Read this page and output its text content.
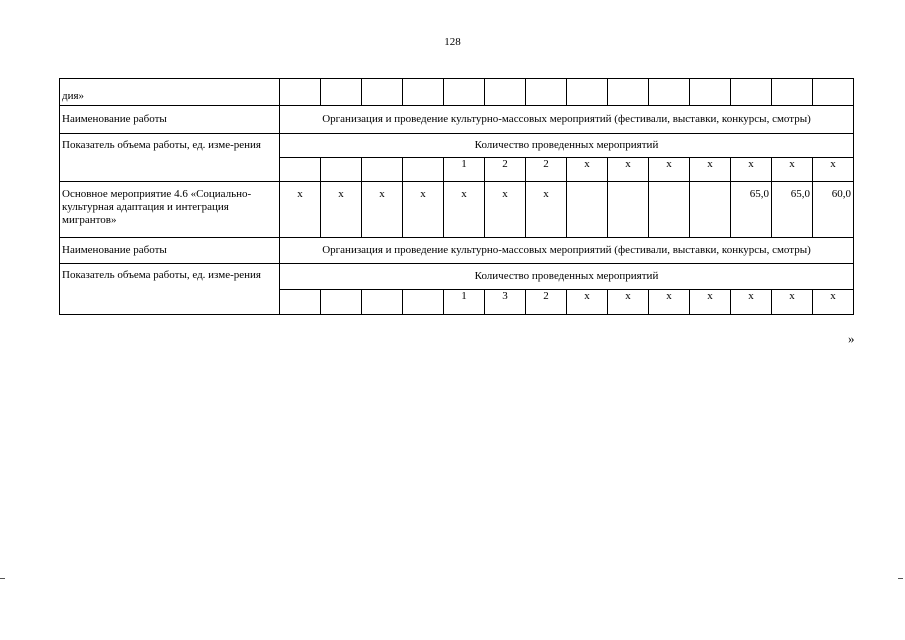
128
дия»														
Наименование работы	Организация и проведение культурно-массовых мероприятий (фестивали, выставки, конкурсы, смотры)													
Показатель объема работы, ед. изме-рения	Количество проведенных мероприятий													
					1	2	2	х	х	х	х	х	х	х
Основное мероприятие 4.6 «Социально-культурная адаптация и интеграция мигрантов»	х	х	х	х	х	х	х					65,0	65,0	60,0
Наименование работы	Организация и проведение культурно-массовых мероприятий (фестивали, выставки, конкурсы, смотры)													
Показатель объема работы, ед. изме-рения	Количество проведенных мероприятий													
					1	3	2	х	х	х	х	х	х	х
»
